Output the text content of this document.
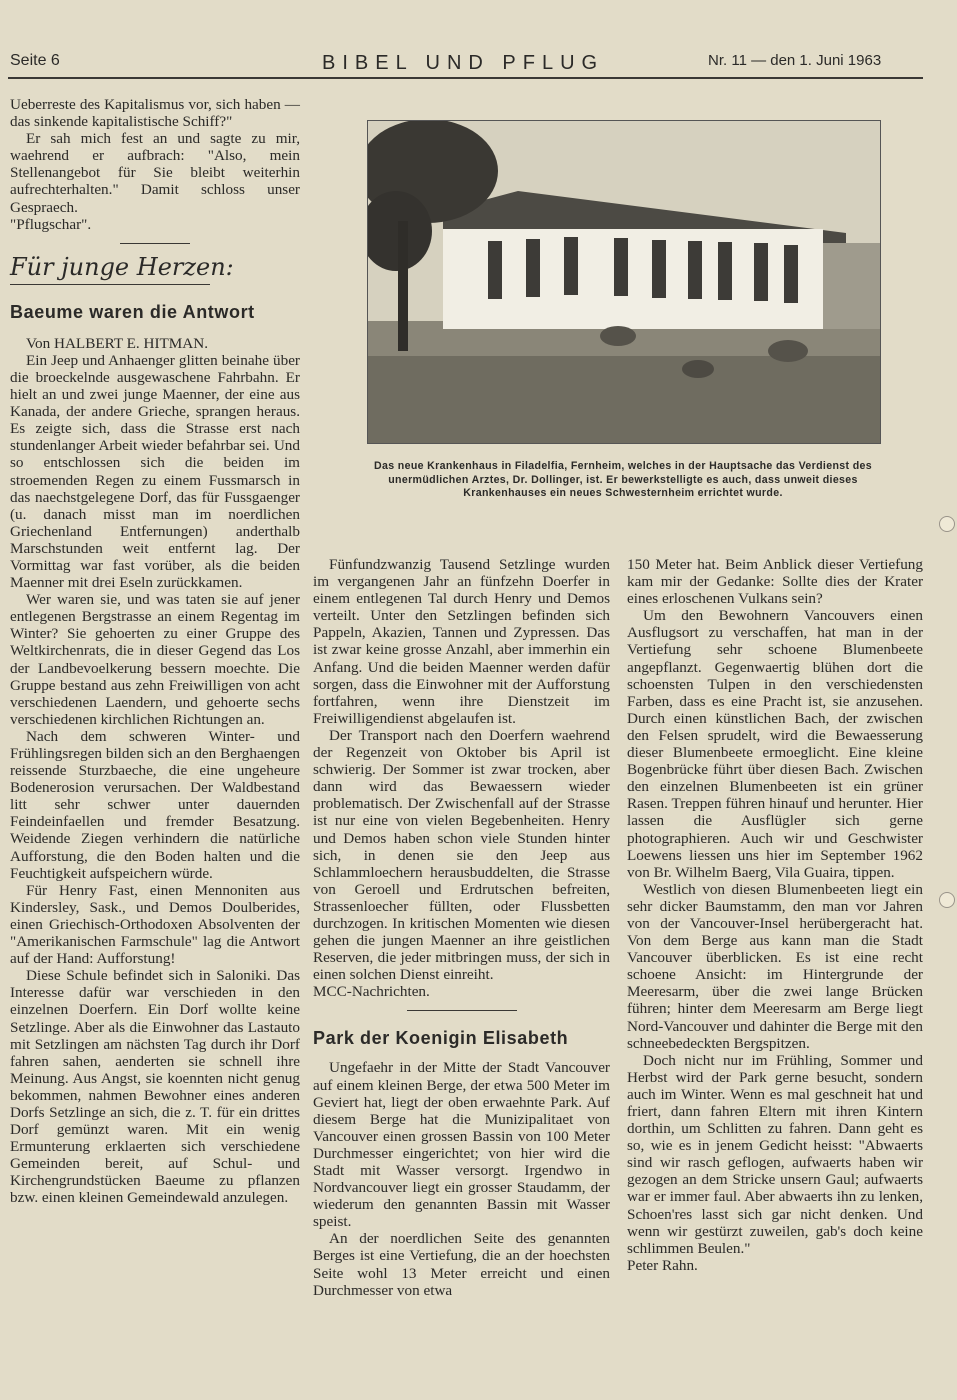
Seite 6	BIBEL UND PFLUG	Nr. 11 — den 1. Juni 1963

Ueberreste des Kapitalismus vor, sich haben — das sinkende kapitalistische Schiff?"

Er sah mich fest an und sagte zu mir, waehrend er aufbrach: "Also, mein Stellenangebot für Sie bleibt weiterhin aufrechterhalten." Damit schloss unser Gespraech.

"Pflugschar".

Für junge Herzen:
Baeume waren die Antwort

Von HALBERT E. HITMAN.

Ein Jeep und Anhaenger glitten beinahe über die broeckelnde ausgewaschene Fahrbahn. Er hielt an und zwei junge Maenner, der eine aus Kanada, der andere Grieche, sprangen heraus. Es zeigte sich, dass die Strasse erst nach stundenlanger Arbeit wieder befahrbar sei. Und so entschlossen sich die beiden im stroemenden Regen zu einem Fussmarsch in das naechstgelegene Dorf, das für Fussgaenger (u. danach misst man im noerdlichen Griechenland Entfernungen) anderthalb Marschstunden weit entfernt lag. Der Vormittag war fast vorüber, als die beiden Maenner mit drei Eseln zurückkamen.

Wer waren sie, und was taten sie auf jener entlegenen Bergstrasse an einem Regentag im Winter? Sie gehoerten zu einer Gruppe des Weltkirchenrats, die in dieser Gegend das Los der Landbevoelkerung bessern moechte. Die Gruppe bestand aus zehn Freiwilligen von acht verschiedenen Laendern, und gehoerte sechs verschiedenen kirchlichen Richtungen an.

Nach dem schweren Winter- und Frühlingsregen bilden sich an den Berghaengen reissende Sturzbaeche, die eine ungeheure Bodenerosion verursachen. Der Waldbestand litt sehr schwer unter dauernden Feindeinfaellen und fremder Besatzung. Weidende Ziegen verhindern die natürliche Aufforstung, die den Boden halten und die Feuchtigkeit aufspeichern würde.

Für Henry Fast, einen Mennoniten aus Kindersley, Sask., und Demos Doulberides, einen Griechisch-Orthodoxen Absolventen der "Amerikanischen Farmschule" lag die Antwort auf der Hand: Aufforstung!

Diese Schule befindet sich in Saloniki. Das Interesse dafür war verschieden in den einzelnen Doerfern. Ein Dorf wollte keine Setzlinge. Aber als die Einwohner das Lastauto mit Setzlingen am nächsten Tag durch ihr Dorf fahren sahen, aenderten sie schnell ihre Meinung. Aus Angst, sie koennten nicht genug bekommen, nahmen Bewohner eines anderen Dorfs Setzlinge an sich, die z. T. für ein drittes Dorf gemünzt waren. Mit ein wenig Ermunterung erklaerten sich verschiedene Gemeinden bereit, auf Schul- und Kirchengrundstücken Baeume zu pflanzen bzw. einen kleinen Gemeindewald anzulegen.

Das neue Krankenhaus in Filadelfia, Fernheim, welches in der Hauptsache das Verdienst des unermüdlichen Arztes, Dr. Dollinger, ist. Er bewerkstelligte es auch, dass unweit dieses Krankenhauses ein neues Schwesternheim errichtet wurde.

Fünfundzwanzig Tausend Setzlinge wurden im vergangenen Jahr an fünfzehn Doerfer in einem entlegenen Tal durch Henry und Demos verteilt. Unter den Setzlingen befinden sich Pappeln, Akazien, Tannen und Zypressen. Das ist zwar keine grosse Anzahl, aber immerhin ein Anfang. Und die beiden Maenner werden dafür sorgen, dass die Einwohner mit der Aufforstung fortfahren, wenn ihre Dienstzeit im Freiwilligendienst abgelaufen ist.

Der Transport nach den Doerfern waehrend der Regenzeit von Oktober bis April ist schwierig. Der Sommer ist zwar trocken, aber dann wird das Bewaessern wieder problematisch. Der Zwischenfall auf der Strasse ist nur eine von vielen Begebenheiten. Henry und Demos haben schon viele Stunden hinter sich, in denen sie den Jeep aus Schlammloechern herausbuddelten, die Strasse von Geroell und Erdrutschen befreiten, Strassenloecher füllten, oder Flussbetten durchzogen. In kritischen Momenten wie diesen gehen die jungen Maenner an ihre geistlichen Reserven, die jeder mitbringen muss, der sich in einen solchen Dienst einreiht.

MCC-Nachrichten.

Park der Koenigin Elisabeth

Ungefaehr in der Mitte der Stadt Vancouver auf einem kleinen Berge, der etwa 500 Meter im Geviert hat, liegt der oben erwaehnte Park. Auf diesem Berge hat die Munizipalitaet von Vancouver einen grossen Bassin von 100 Meter Durchmesser eingerichtet; von hier wird die Stadt mit Wasser versorgt. Irgendwo in Nordvancouver liegt ein grosser Staudamm, der wiederum den genannten Bassin mit Wasser speist.

An der noerdlichen Seite des genannten Berges ist eine Vertiefung, die an der hoechsten Seite wohl 13 Meter erreicht und einen Durchmesser von etwa

150 Meter hat. Beim Anblick dieser Vertiefung kam mir der Gedanke: Sollte dies der Krater eines erloschenen Vulkans sein?

Um den Bewohnern Vancouvers einen Ausflugsort zu verschaffen, hat man in der Vertiefung sehr schoene Blumenbeete angepflanzt. Gegenwaertig blühen dort die schoensten Tulpen in den verschiedensten Farben, dass es eine Pracht ist, sie anzusehen. Durch einen künstlichen Bach, der zwischen den Felsen sprudelt, wird die Bewaesserung dieser Blumenbeete ermoeglicht. Eine kleine Bogenbrücke führt über diesen Bach. Zwischen den einzelnen Blumenbeeten ist ein grüner Rasen. Treppen führen hinauf und herunter. Hier lassen die Ausflügler sich gerne photographieren. Auch wir und Geschwister Loewens liessen uns hier im September 1962 von Br. Wilhelm Baerg, Vila Guaira, tippen.

Westlich von diesen Blumenbeeten liegt ein sehr dicker Baumstamm, den man vor Jahren von der Vancouver-Insel herübergeracht hat. Von dem Berge aus kann man die Stadt Vancouver überblicken. Es ist eine recht schoene Ansicht: im Hintergrunde der Meeresarm, über die zwei lange Brücken führen; hinter dem Meeresarm am Berge liegt Nord-Vancouver und dahinter die Berge mit den schneebedeckten Bergspitzen.

Doch nicht nur im Frühling, Sommer und Herbst wird der Park gerne besucht, sondern auch im Winter. Wenn es mal geschneit hat und friert, dann fahren Eltern mit ihren Kintern dorthin, um Schlitten zu fahren. Dann geht es so, wie es in jenem Gedicht heisst: "Abwaerts sind wir rasch geflogen, aufwaerts haben wir gezogen an dem Stricke unsern Gaul; aufwaerts war er immer faul. Aber abwaerts ihn zu lenken, Schoen'res lasst sich gar nicht denken. Und wenn wir gestürzt zuweilen, gab's doch keine schlimmen Beulen."

Peter Rahn.
